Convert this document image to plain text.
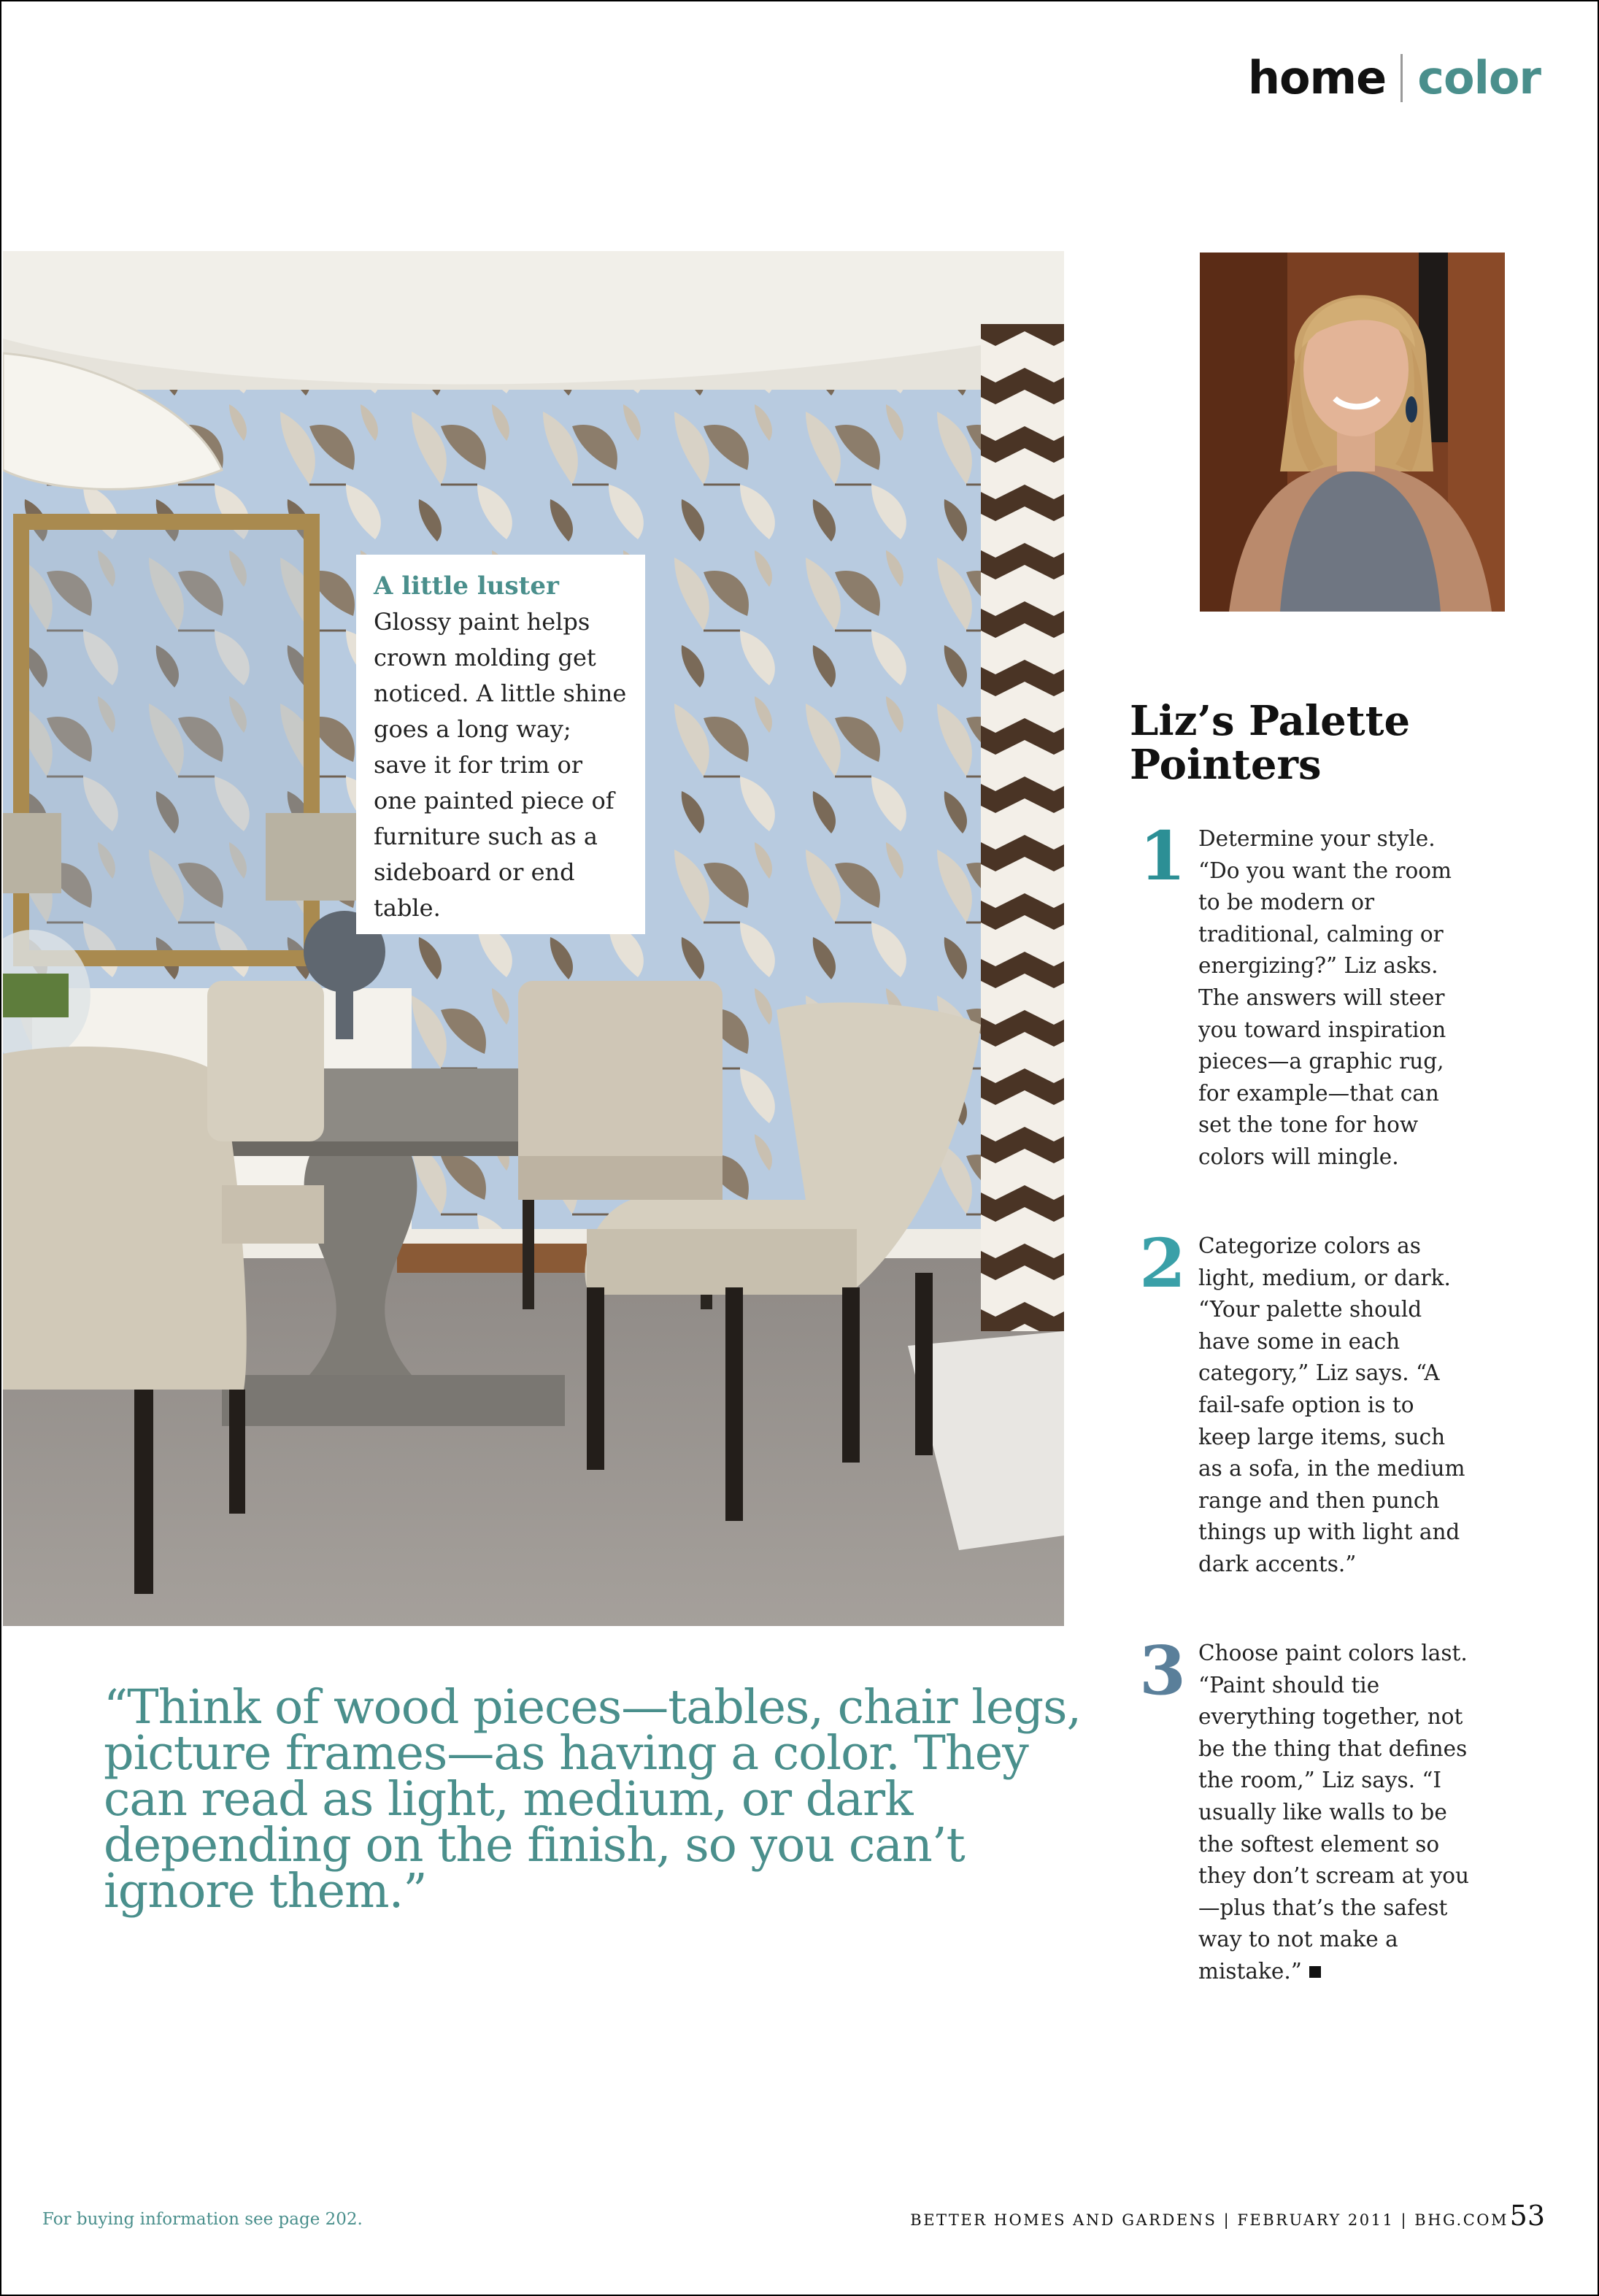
home color
A little luster
Glossy paint helps crown molding get noticed. A little shine goes a long way; save it for trim or one painted piece of furniture such as a sideboard or end table.
Liz’s Palette
Pointers
1 Determine your style. “Do you want the room to be modern or traditional, calming or energizing?” Liz asks. The answers will steer you toward inspiration pieces—a graphic rug, for example—that can set the tone for how colors will mingle.
2 Categorize colors as light, medium, or dark. “Your palette should have some in each category,” Liz says. “A fail-safe option is to keep large items, such as a sofa, in the medium range and then punch things up with light and dark accents.”
3 Choose paint colors last. “Paint should tie everything together, not be the thing that defines the room,” Liz says. “I usually like walls to be the softest element so they don’t scream at you—plus that’s the safest way to not make a mistake.”
“Think of wood pieces—tables, chair legs, picture frames—as having a color. They can read as light, medium, or dark depending on the finish, so you can’t ignore them.”
For buying information see page 202.	BETTER HOMES AND GARDENS | FEBRUARY 2011 | BHG.COM 53
